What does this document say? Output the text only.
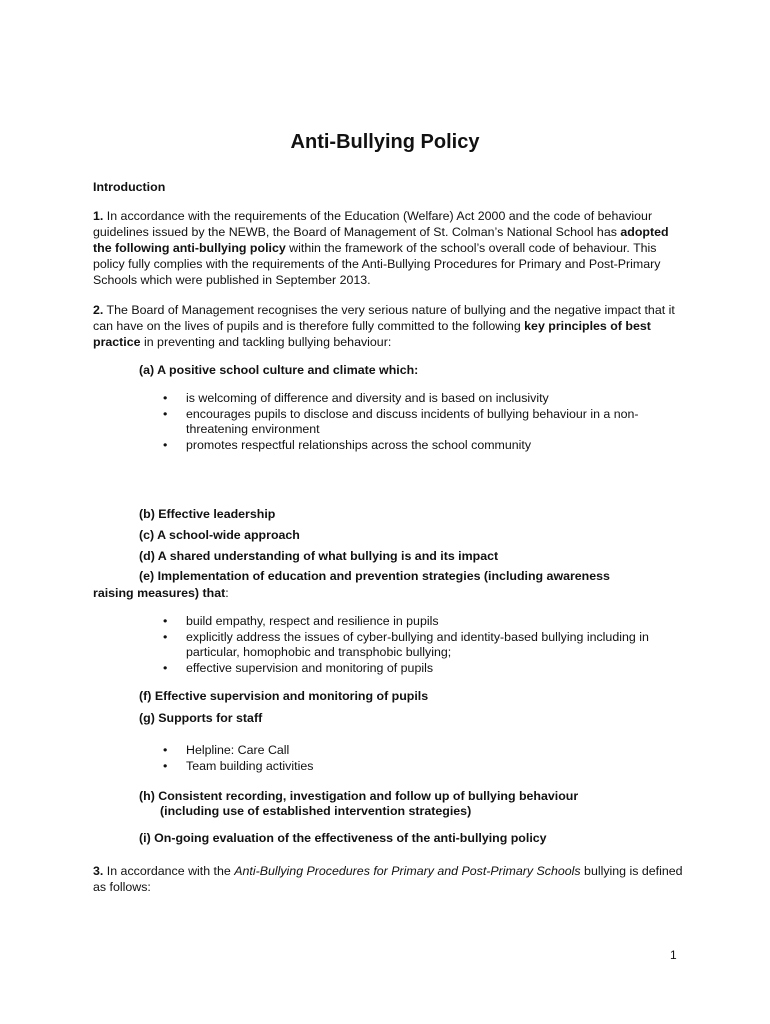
Anti-Bullying Policy

Introduction

1. In accordance with the requirements of the Education (Welfare) Act 2000 and the code of behaviour guidelines issued by the NEWB, the Board of Management of St. Colman’s National School has adopted the following anti-bullying policy within the framework of the school’s overall code of behaviour. This policy fully complies with the requirements of the Anti-Bullying Procedures for Primary and Post-Primary Schools which were published in September 2013.

2. The Board of Management recognises the very serious nature of bullying and the negative impact that it can have on the lives of pupils and is therefore fully committed to the following key principles of best practice in preventing and tackling bullying behaviour:

(a) A positive school culture and climate which:

• is welcoming of difference and diversity and is based on inclusivity
• encourages pupils to disclose and discuss incidents of bullying behaviour in a non-threatening environment
• promotes respectful relationships across the school community

(b) Effective leadership

(c) A school-wide approach

(d) A shared understanding of what bullying is and its impact

(e) Implementation of education and prevention strategies (including awareness raising measures) that:

• build empathy, respect and resilience in pupils
• explicitly address the issues of cyber-bullying and identity-based bullying including in particular, homophobic and transphobic bullying;
• effective supervision and monitoring of pupils

(f) Effective supervision and monitoring of pupils

(g) Supports for staff

• Helpline: Care Call
• Team building activities

(h) Consistent recording, investigation and follow up of bullying behaviour

(including use of established intervention strategies)

(i) On-going evaluation of the effectiveness of the anti-bullying policy

3. In accordance with the Anti-Bullying Procedures for Primary and Post-Primary Schools bullying is defined as follows:

1
